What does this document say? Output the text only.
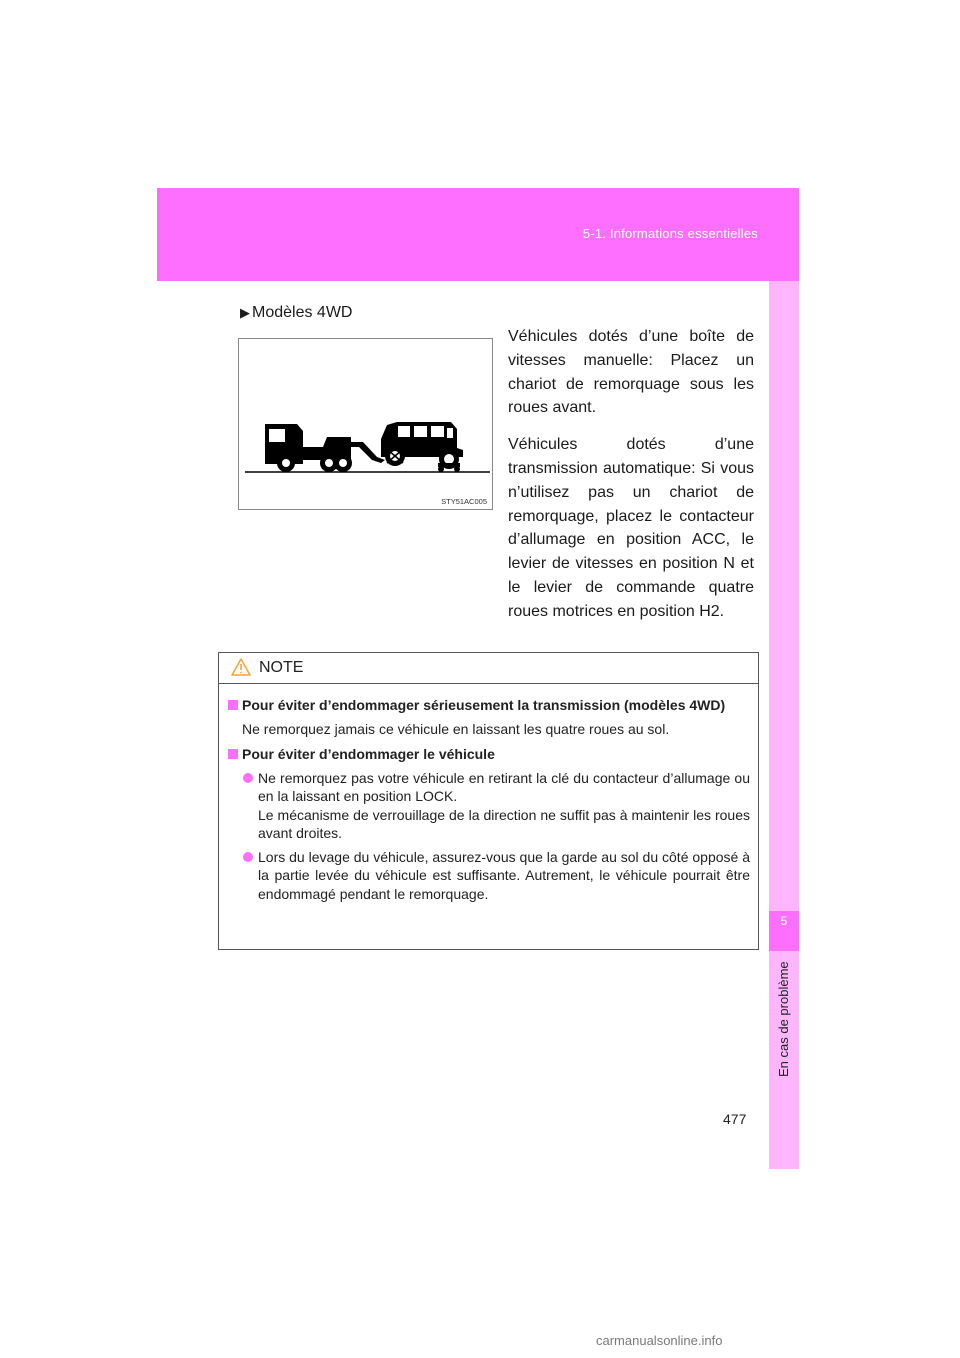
5-1. Informations essentielles
5
En cas de problème
▶ Modèles 4WD
STY51AC005

Véhicules dotés d’une boîte de vitesses manuelle: Placez un chariot de remorquage sous les roues avant.

Véhicules dotés d’une transmission automatique: Si vous n’utilisez pas un chariot de remorquage, placez le contacteur d’allumage en position ACC, le levier de vitesses en position N et le levier de commande quatre roues motrices en position H2.

NOTE
Pour éviter d’endommager sérieusement la transmission (modèles 4WD)
Ne remorquez jamais ce véhicule en laissant les quatre roues au sol.
Pour éviter d’endommager le véhicule
Ne remorquez pas votre véhicule en retirant la clé du contacteur d’allumage ou en la laissant en position LOCK.
Le mécanisme de verrouillage de la direction ne suffit pas à maintenir les roues avant droites.
Lors du levage du véhicule, assurez-vous que la garde au sol du côté opposé à la partie levée du véhicule est suffisante. Autrement, le véhicule pourrait être endommagé pendant le remorquage.
477
carmanualsonline.info
